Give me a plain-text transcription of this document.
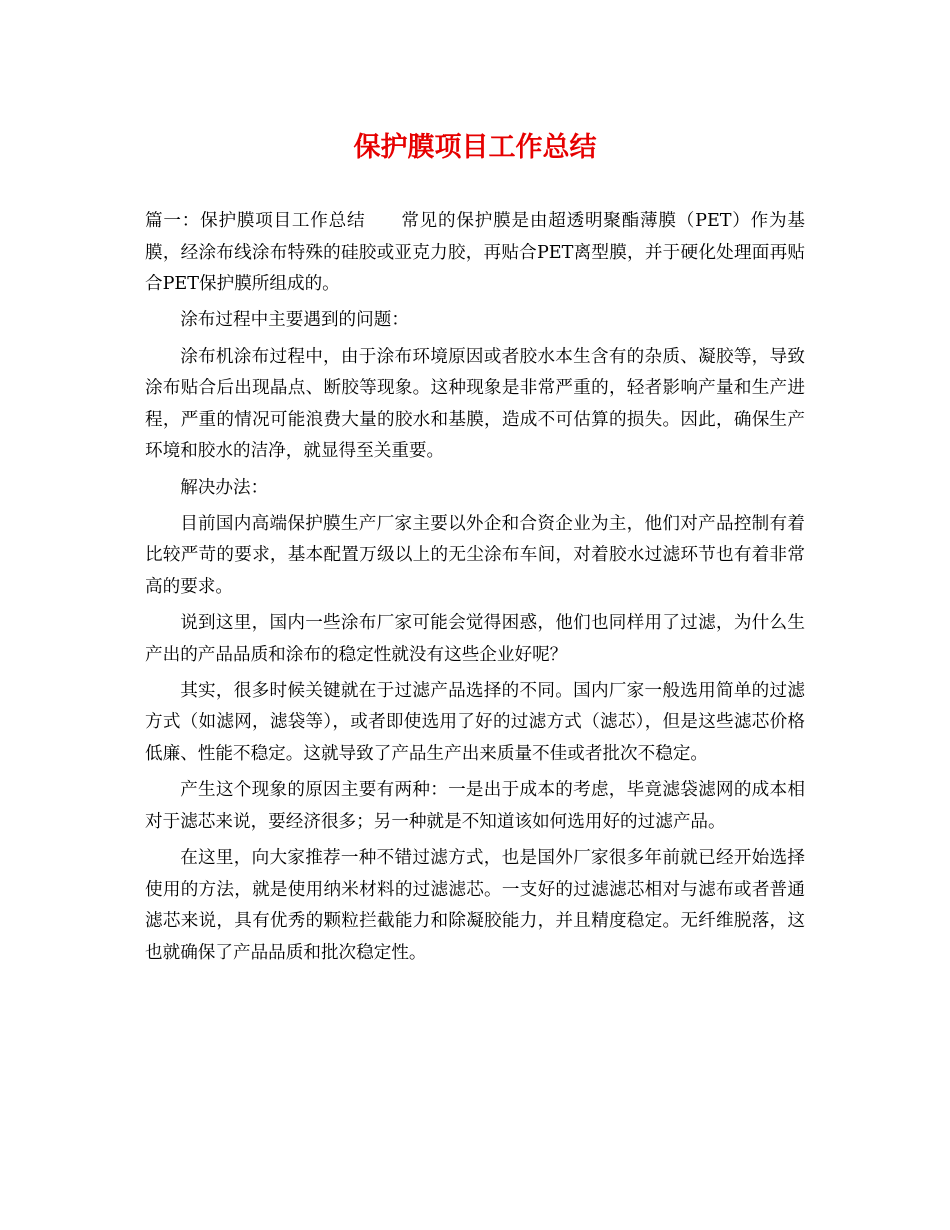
保护膜项目工作总结

篇一：保护膜项目工作总结 常见的保护膜是由超透明聚酯薄膜（PET）作为基膜，经涂布线涂布特殊的硅胶或亚克力胶，再贴合PET离型膜，并于硬化处理面再贴合PET保护膜所组成的。

涂布过程中主要遇到的问题：

涂布机涂布过程中，由于涂布环境原因或者胶水本生含有的杂质、凝胶等，导致涂布贴合后出现晶点、断胶等现象。这种现象是非常严重的，轻者影响产量和生产进程，严重的情况可能浪费大量的胶水和基膜，造成不可估算的损失。因此，确保生产环境和胶水的洁净，就显得至关重要。

解决办法：

目前国内高端保护膜生产厂家主要以外企和合资企业为主，他们对产品控制有着比较严苛的要求，基本配置万级以上的无尘涂布车间，对着胶水过滤环节也有着非常高的要求。

说到这里，国内一些涂布厂家可能会觉得困惑，他们也同样用了过滤，为什么生产出的产品品质和涂布的稳定性就没有这些企业好呢？

其实，很多时候关键就在于过滤产品选择的不同。国内厂家一般选用简单的过滤方式（如滤网，滤袋等），或者即使选用了好的过滤方式（滤芯），但是这些滤芯价格低廉、性能不稳定。这就导致了产品生产出来质量不佳或者批次不稳定。

产生这个现象的原因主要有两种：一是出于成本的考虑，毕竟滤袋滤网的成本相对于滤芯来说，要经济很多；另一种就是不知道该如何选用好的过滤产品。

在这里，向大家推荐一种不错过滤方式，也是国外厂家很多年前就已经开始选择使用的方法，就是使用纳米材料的过滤滤芯。一支好的过滤滤芯相对与滤布或者普通滤芯来说，具有优秀的颗粒拦截能力和除凝胶能力，并且精度稳定。无纤维脱落，这也就确保了产品品质和批次稳定性。
